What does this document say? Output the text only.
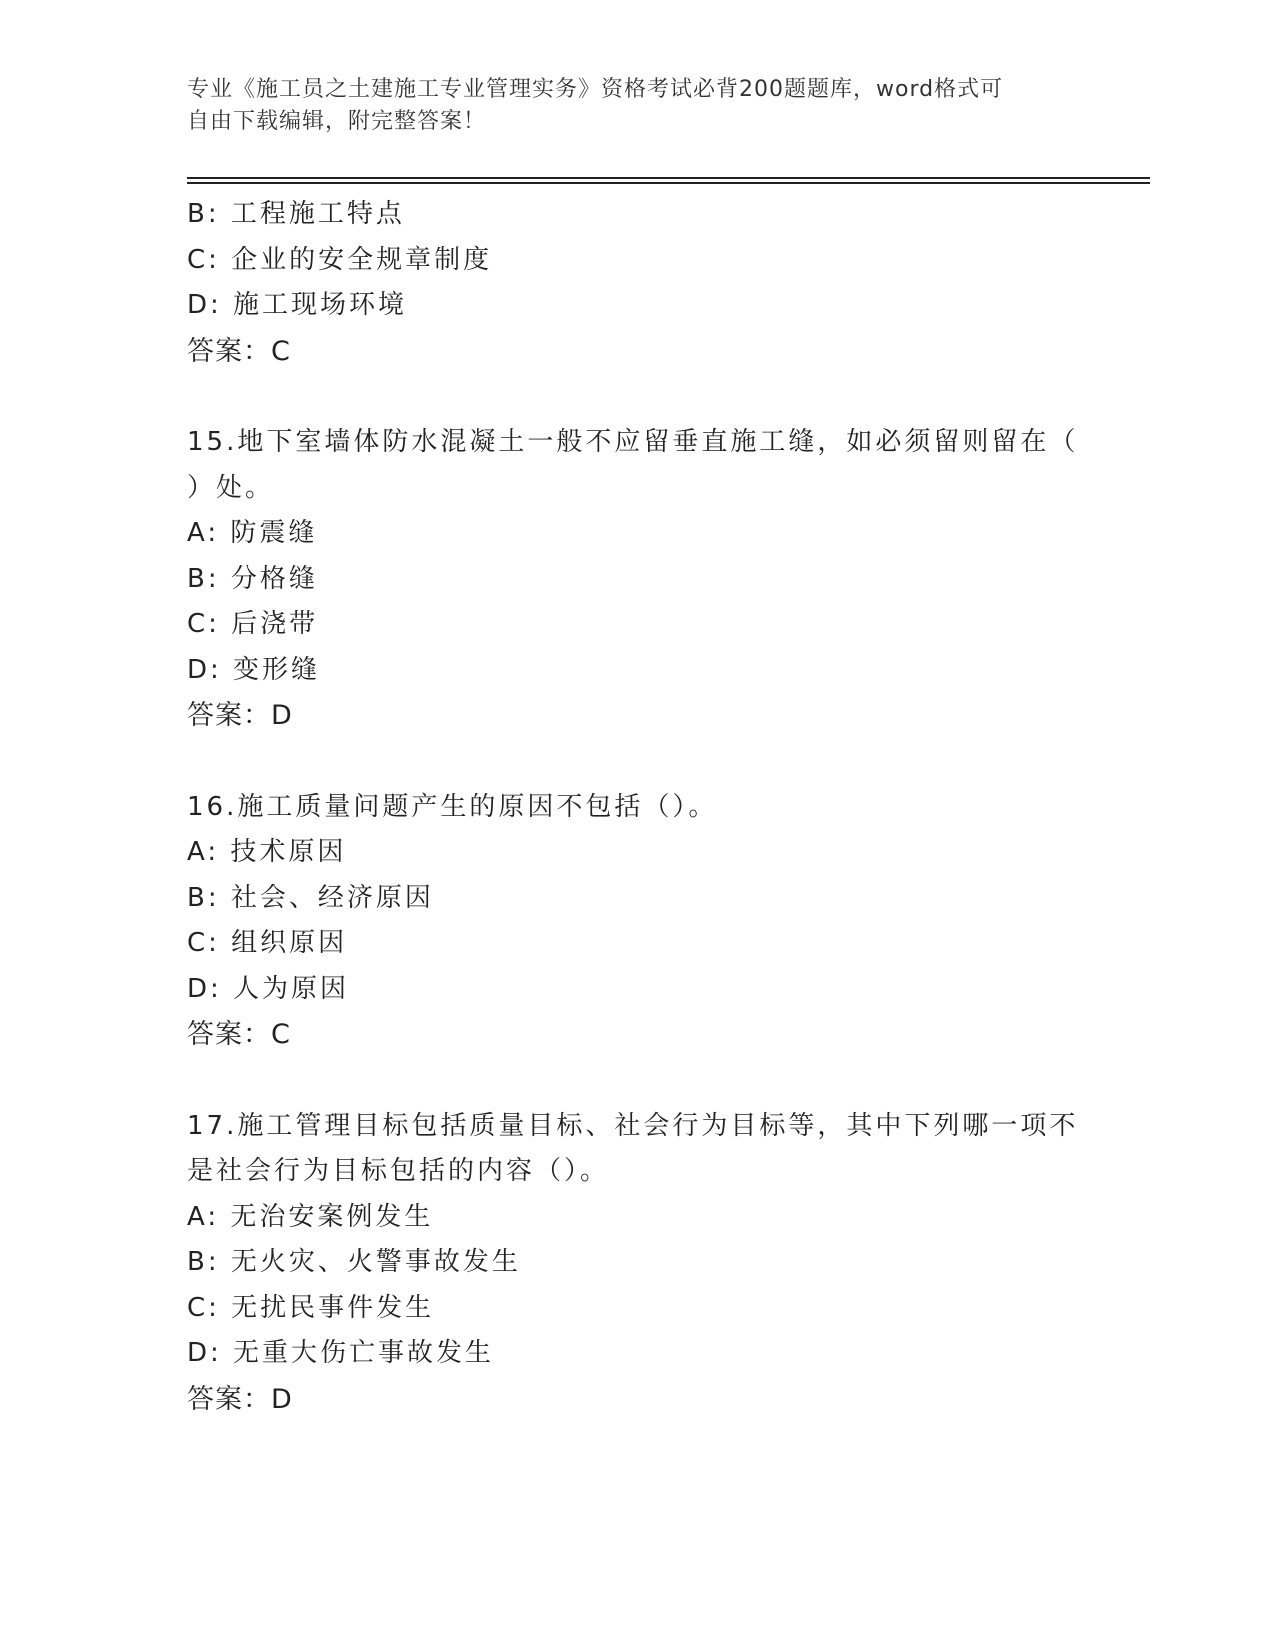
专业《施工员之土建施工专业管理实务》资格考试必背200题题库，word格式可
自由下载编辑，附完整答案！
B: 工程施工特点
C: 企业的安全规章制度
D: 施工现场环境
答案：C
15.地下室墙体防水混凝土一般不应留垂直施工缝，如必须留则留在（
）处。
A: 防震缝
B: 分格缝
C: 后浇带
D: 变形缝
答案：D
16.施工质量问题产生的原因不包括（）。
A: 技术原因
B: 社会、经济原因
C: 组织原因
D: 人为原因
答案：C
17.施工管理目标包括质量目标、社会行为目标等，其中下列哪一项不
是社会行为目标包括的内容（）。
A: 无治安案例发生
B: 无火灾、火警事故发生
C: 无扰民事件发生
D: 无重大伤亡事故发生
答案：D
